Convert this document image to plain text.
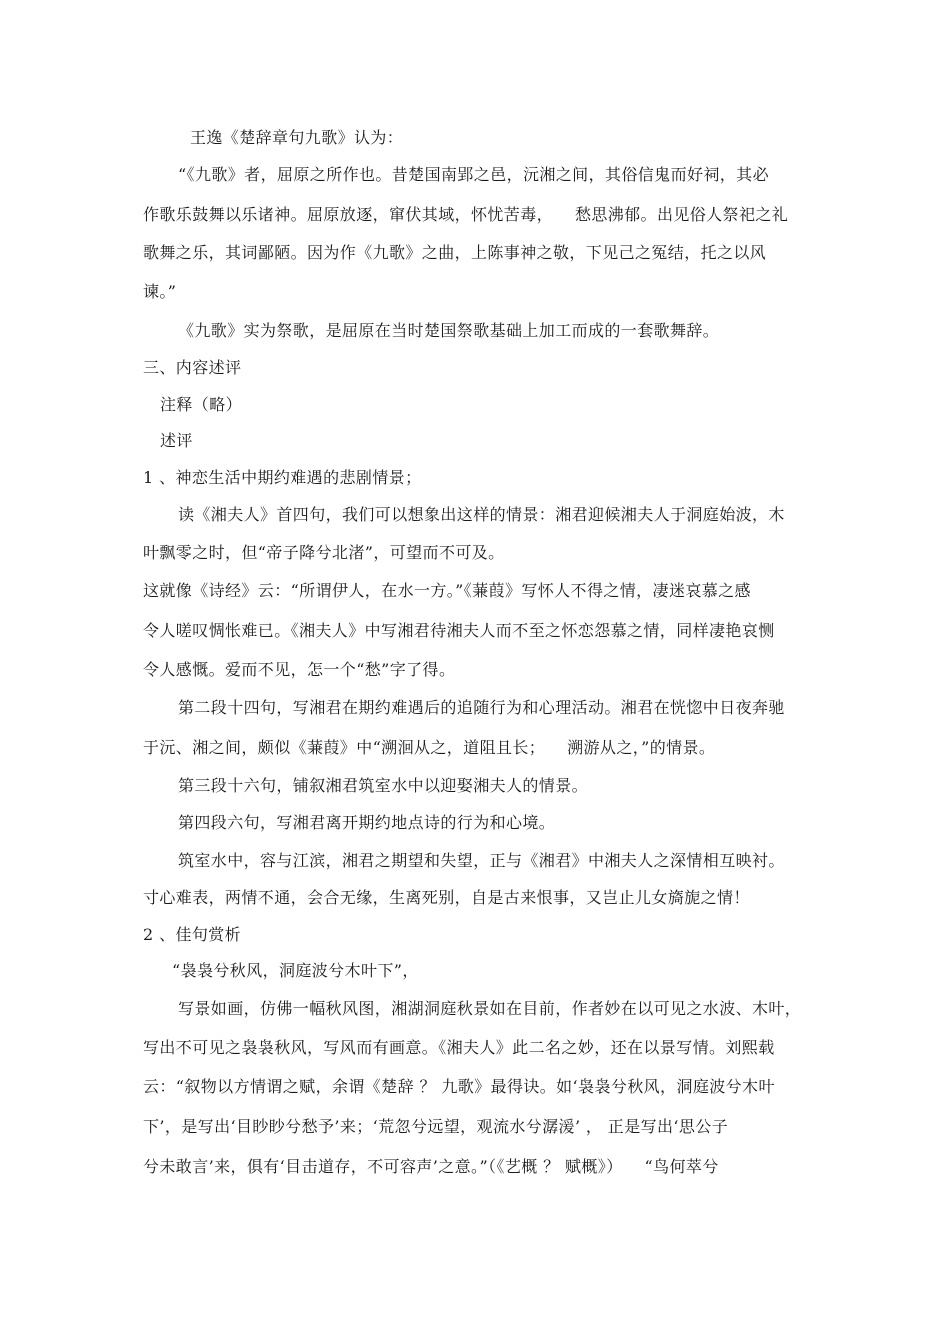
王逸《楚辞章句九歌》认为：
“《九歌》者，屈原之所作也。昔楚国南郢之邑，沅湘之间，其俗信鬼而好祠，其必
作歌乐鼓舞以乐诸神。屈原放逐，窜伏其域，怀忧苦毒，    愁思沸郁。出见俗人祭祀之礼
歌舞之乐，其词鄙陋。因为作《九歌》之曲，上陈事神之敬，下见己之冤结，托之以风
谏。”
《九歌》实为祭歌，是屈原在当时楚国祭歌基础上加工而成的一套歌舞辞。
三、内容述评
注释（略）
述评
1 、神恋生活中期约难遇的悲剧情景；
读《湘夫人》首四句，我们可以想象出这样的情景：湘君迎候湘夫人于洞庭始波，木
叶飘零之时，但“帝子降兮北渚”，可望而不可及。
这就像《诗经》云：“所谓伊人，在水一方。”《蒹葭》写怀人不得之情，凄迷哀慕之感
令人嗟叹惆怅难已。《湘夫人》中写湘君待湘夫人而不至之怀恋怨慕之情，同样凄艳哀恻
令人感慨。爱而不见，怎一个“愁”字了得。
第二段十四句，写湘君在期约难遇后的追随行为和心理活动。湘君在恍惚中日夜奔驰
于沅、湘之间，颇似《蒹葭》中“溯洄从之，道阻且长；    溯游从之，”的情景。
第三段十六句，铺叙湘君筑室水中以迎娶湘夫人的情景。
第四段六句，写湘君离开期约地点诗的行为和心境。
筑室水中，容与江滨，湘君之期望和失望，正与《湘君》中湘夫人之深情相互映衬。
寸心难表，两情不通，会合无缘，生离死别，自是古来恨事，又岂止儿女旖旎之情！
2 、佳句赏析
“袅袅兮秋风，洞庭波兮木叶下”，
写景如画，仿佛一幅秋风图，湘湖洞庭秋景如在目前，作者妙在以可见之水波、木叶，
写出不可见之袅袅秋风，写风而有画意。《湘夫人》此二名之妙，还在以景写情。刘熙载
云：“叙物以方情谓之赋，余谓《楚辞 ？ 九歌》最得诀。如‘袅袅兮秋风，洞庭波兮木叶
下’，是写出‘目眇眇兮愁予’来；‘荒忽兮远望，观流水兮潺湲’ ， 正是写出‘思公子
兮未敢言’来，俱有‘目击道存，不可容声’之意。”（《艺概 ？ 赋概》）    “鸟何萃兮
